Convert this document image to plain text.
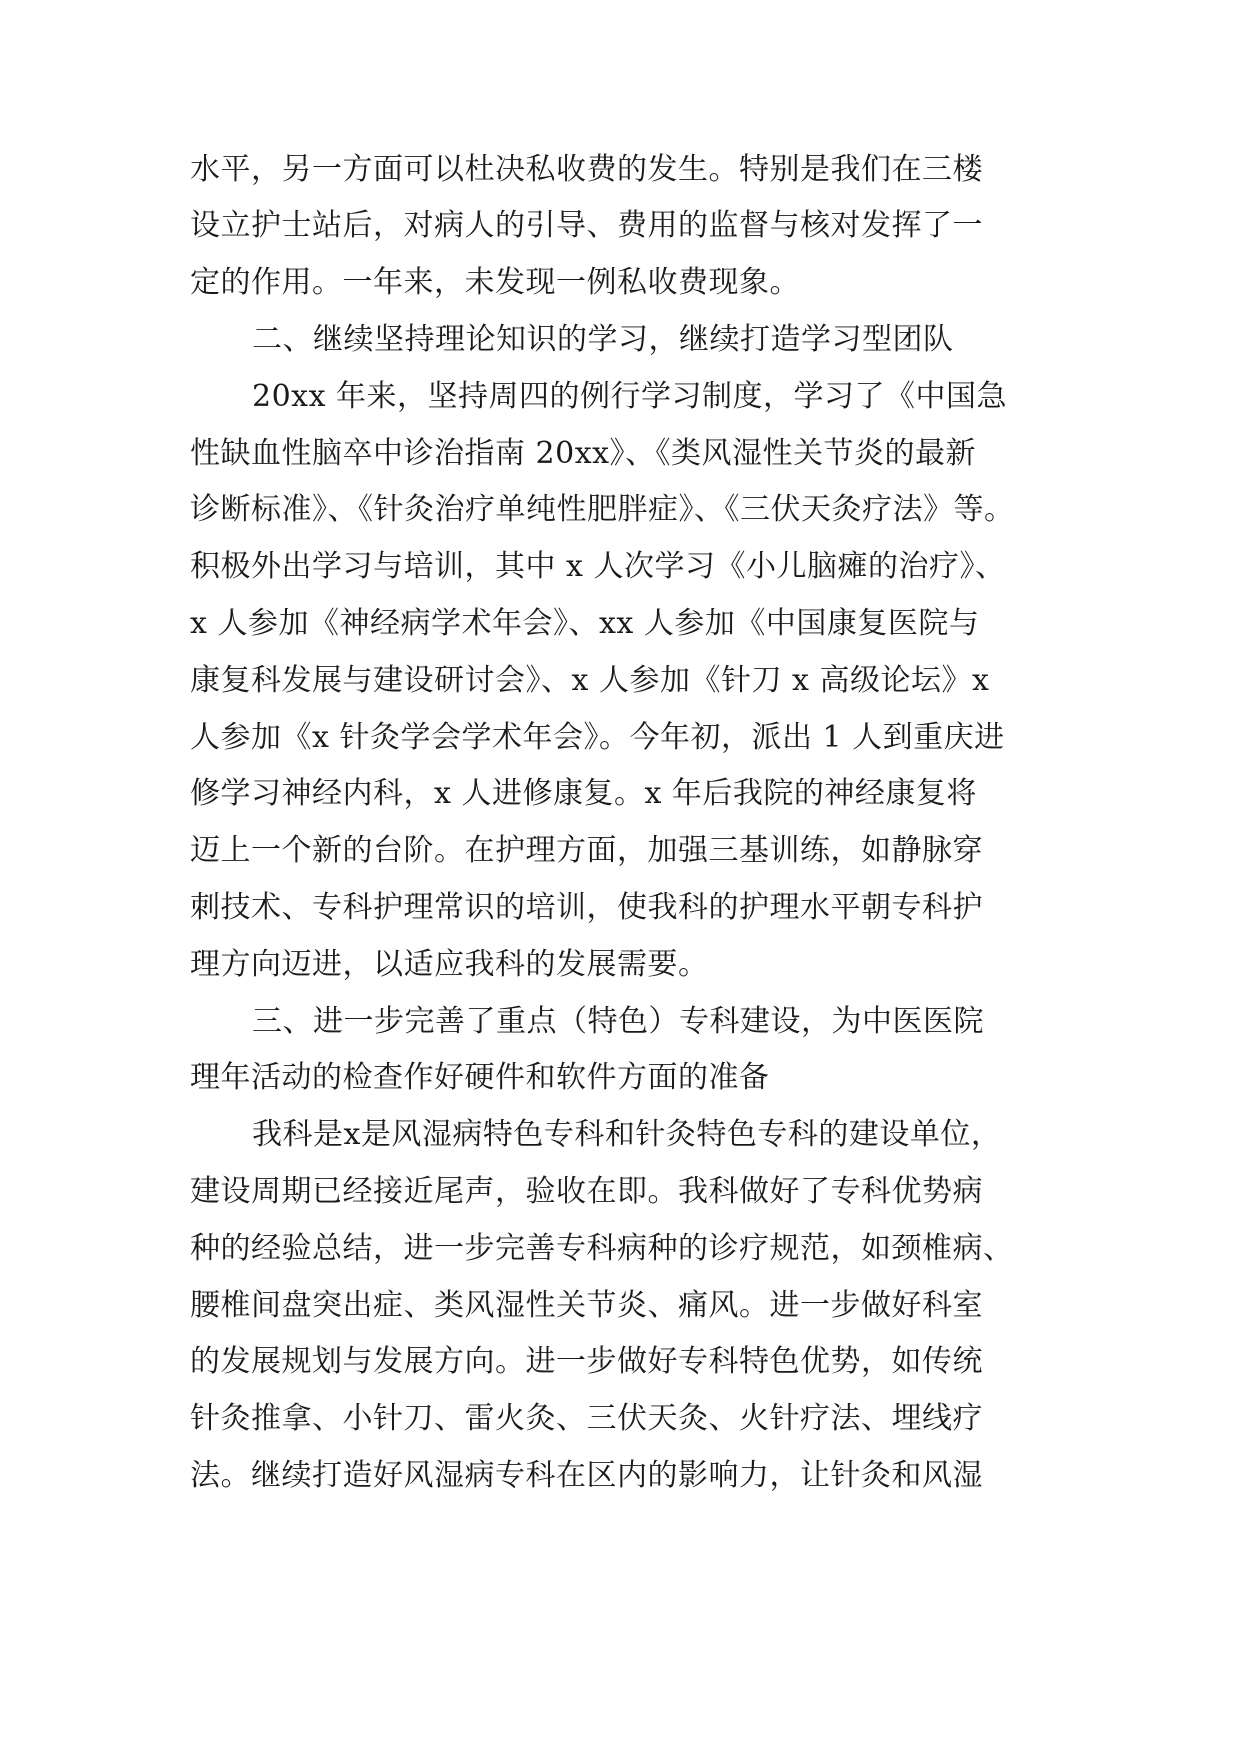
水平，另一方面可以杜决私收费的发生。特别是我们在三楼
设立护士站后，对病人的引导、费用的监督与核对发挥了一
定的作用。一年来，未发现一例私收费现象。
二、继续坚持理论知识的学习，继续打造学习型团队
20xx 年来，坚持周四的例行学习制度，学习了《中国急
性缺血性脑卒中诊治指南 20xx》、《类风湿性关节炎的最新
诊断标准》、《针灸治疗单纯性肥胖症》、《三伏天灸疗法》等。
积极外出学习与培训，其中 x 人次学习《小儿脑瘫的治疗》、
x 人参加《神经病学术年会》、xx 人参加《中国康复医院与
康复科发展与建设研讨会》、x 人参加《针刀 x 高级论坛》x
人参加《x 针灸学会学术年会》。今年初，派出 1 人到重庆进
修学习神经内科，x 人进修康复。x 年后我院的神经康复将
迈上一个新的台阶。在护理方面，加强三基训练，如静脉穿
刺技术、专科护理常识的培训，使我科的护理水平朝专科护
理方向迈进，以适应我科的发展需要。
三、进一步完善了重点（特色）专科建设，为中医医院
理年活动的检查作好硬件和软件方面的准备
我科是x是风湿病特色专科和针灸特色专科的建设单位，
建设周期已经接近尾声，验收在即。我科做好了专科优势病
种的经验总结，进一步完善专科病种的诊疗规范，如颈椎病、
腰椎间盘突出症、类风湿性关节炎、痛风。进一步做好科室
的发展规划与发展方向。进一步做好专科特色优势，如传统
针灸推拿、小针刀、雷火灸、三伏天灸、火针疗法、埋线疗
法。继续打造好风湿病专科在区内的影响力，让针灸和风湿
